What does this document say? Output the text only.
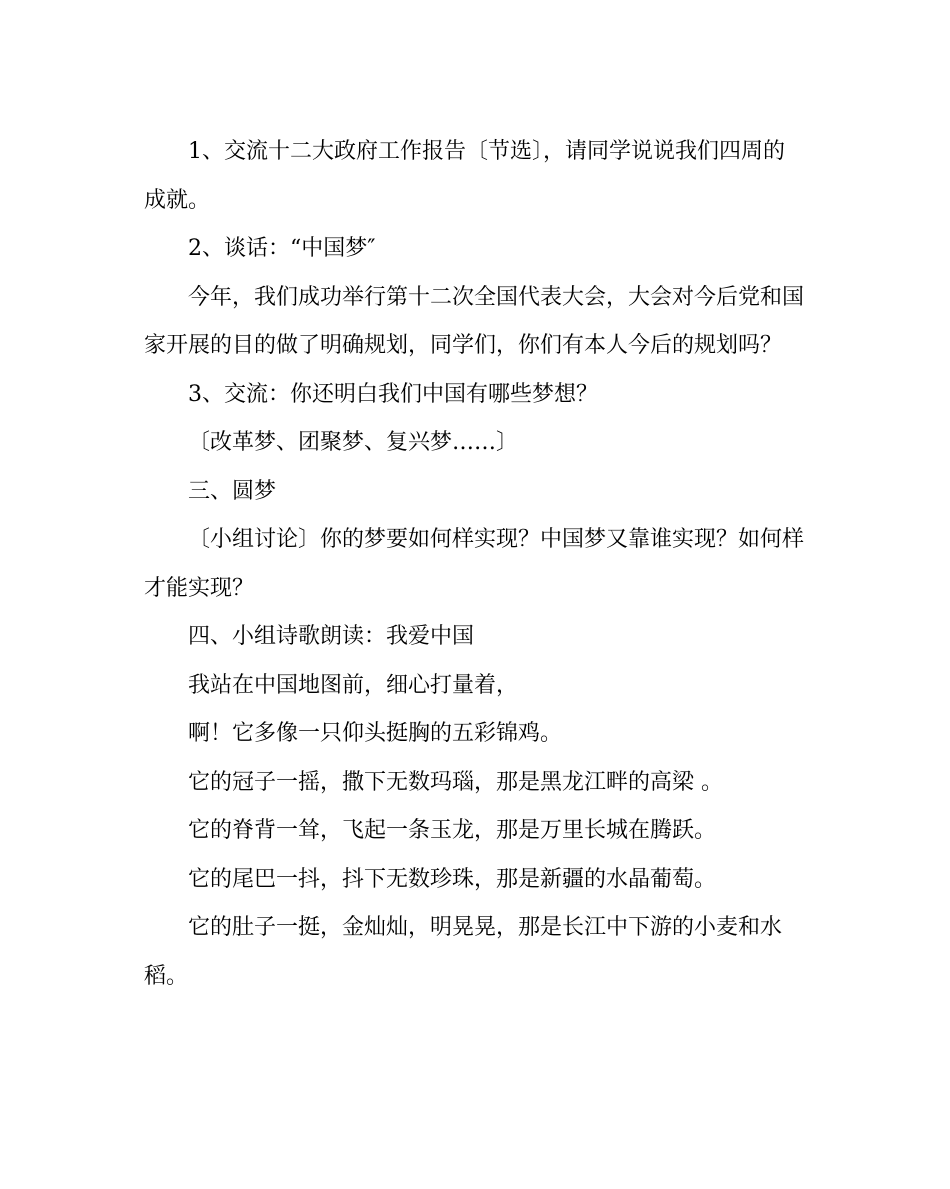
1、交流十二大政府工作报告〔节选〕，请同学说说我们四周的成就。

2、谈话：“中国梦″

今年，我们成功举行第十二次全国代表大会，大会对今后党和国家开展的目的做了明确规划，同学们，你们有本人今后的规划吗？

3、交流：你还明白我们中国有哪些梦想？

〔改革梦、团聚梦、复兴梦……〕

三、圆梦

〔小组讨论〕你的梦要如何样实现？中国梦又靠谁实现？如何样才能实现？

四、小组诗歌朗读：我爱中国

我站在中国地图前，细心打量着，

啊！它多像一只仰头挺胸的五彩锦鸡。

它的冠子一摇，撒下无数玛瑙，那是黑龙江畔的高梁 。

它的脊背一耸，飞起一条玉龙，那是万里长城在腾跃。

它的尾巴一抖，抖下无数珍珠，那是新疆的水晶葡萄。

它的肚子一挺，金灿灿，明晃晃，那是长江中下游的小麦和水稻。
